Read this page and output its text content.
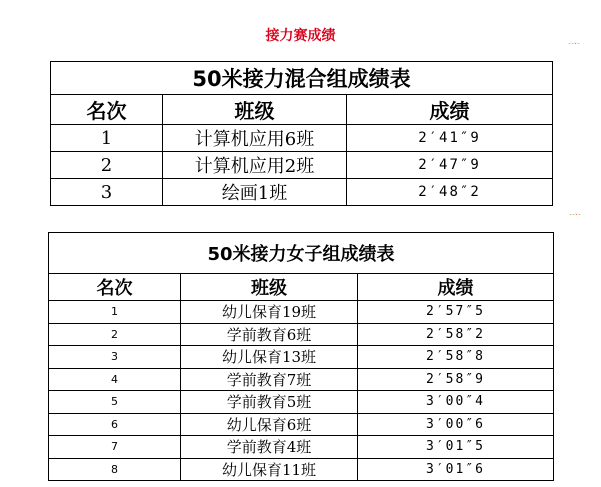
接力赛成绩
ˉˉˇˉ
ˉˉˇˉ
50米接力混合组成绩表		
名次	班级	成绩
1	计算机应用6班	2′41″9
2	计算机应用2班	2′47″9
3	绘画1班	2′48″2
50米接力女子组成绩表		
名次	班级	成绩
1	幼儿保育19班	2′57″5
2	学前教育6班	2′58″2
3	幼儿保育13班	2′58″8
4	学前教育7班	2′58″9
5	学前教育5班	3′00″4
6	幼儿保育6班	3′00″6
7	学前教育4班	3′01″5
8	幼儿保育11班	3′01″6
